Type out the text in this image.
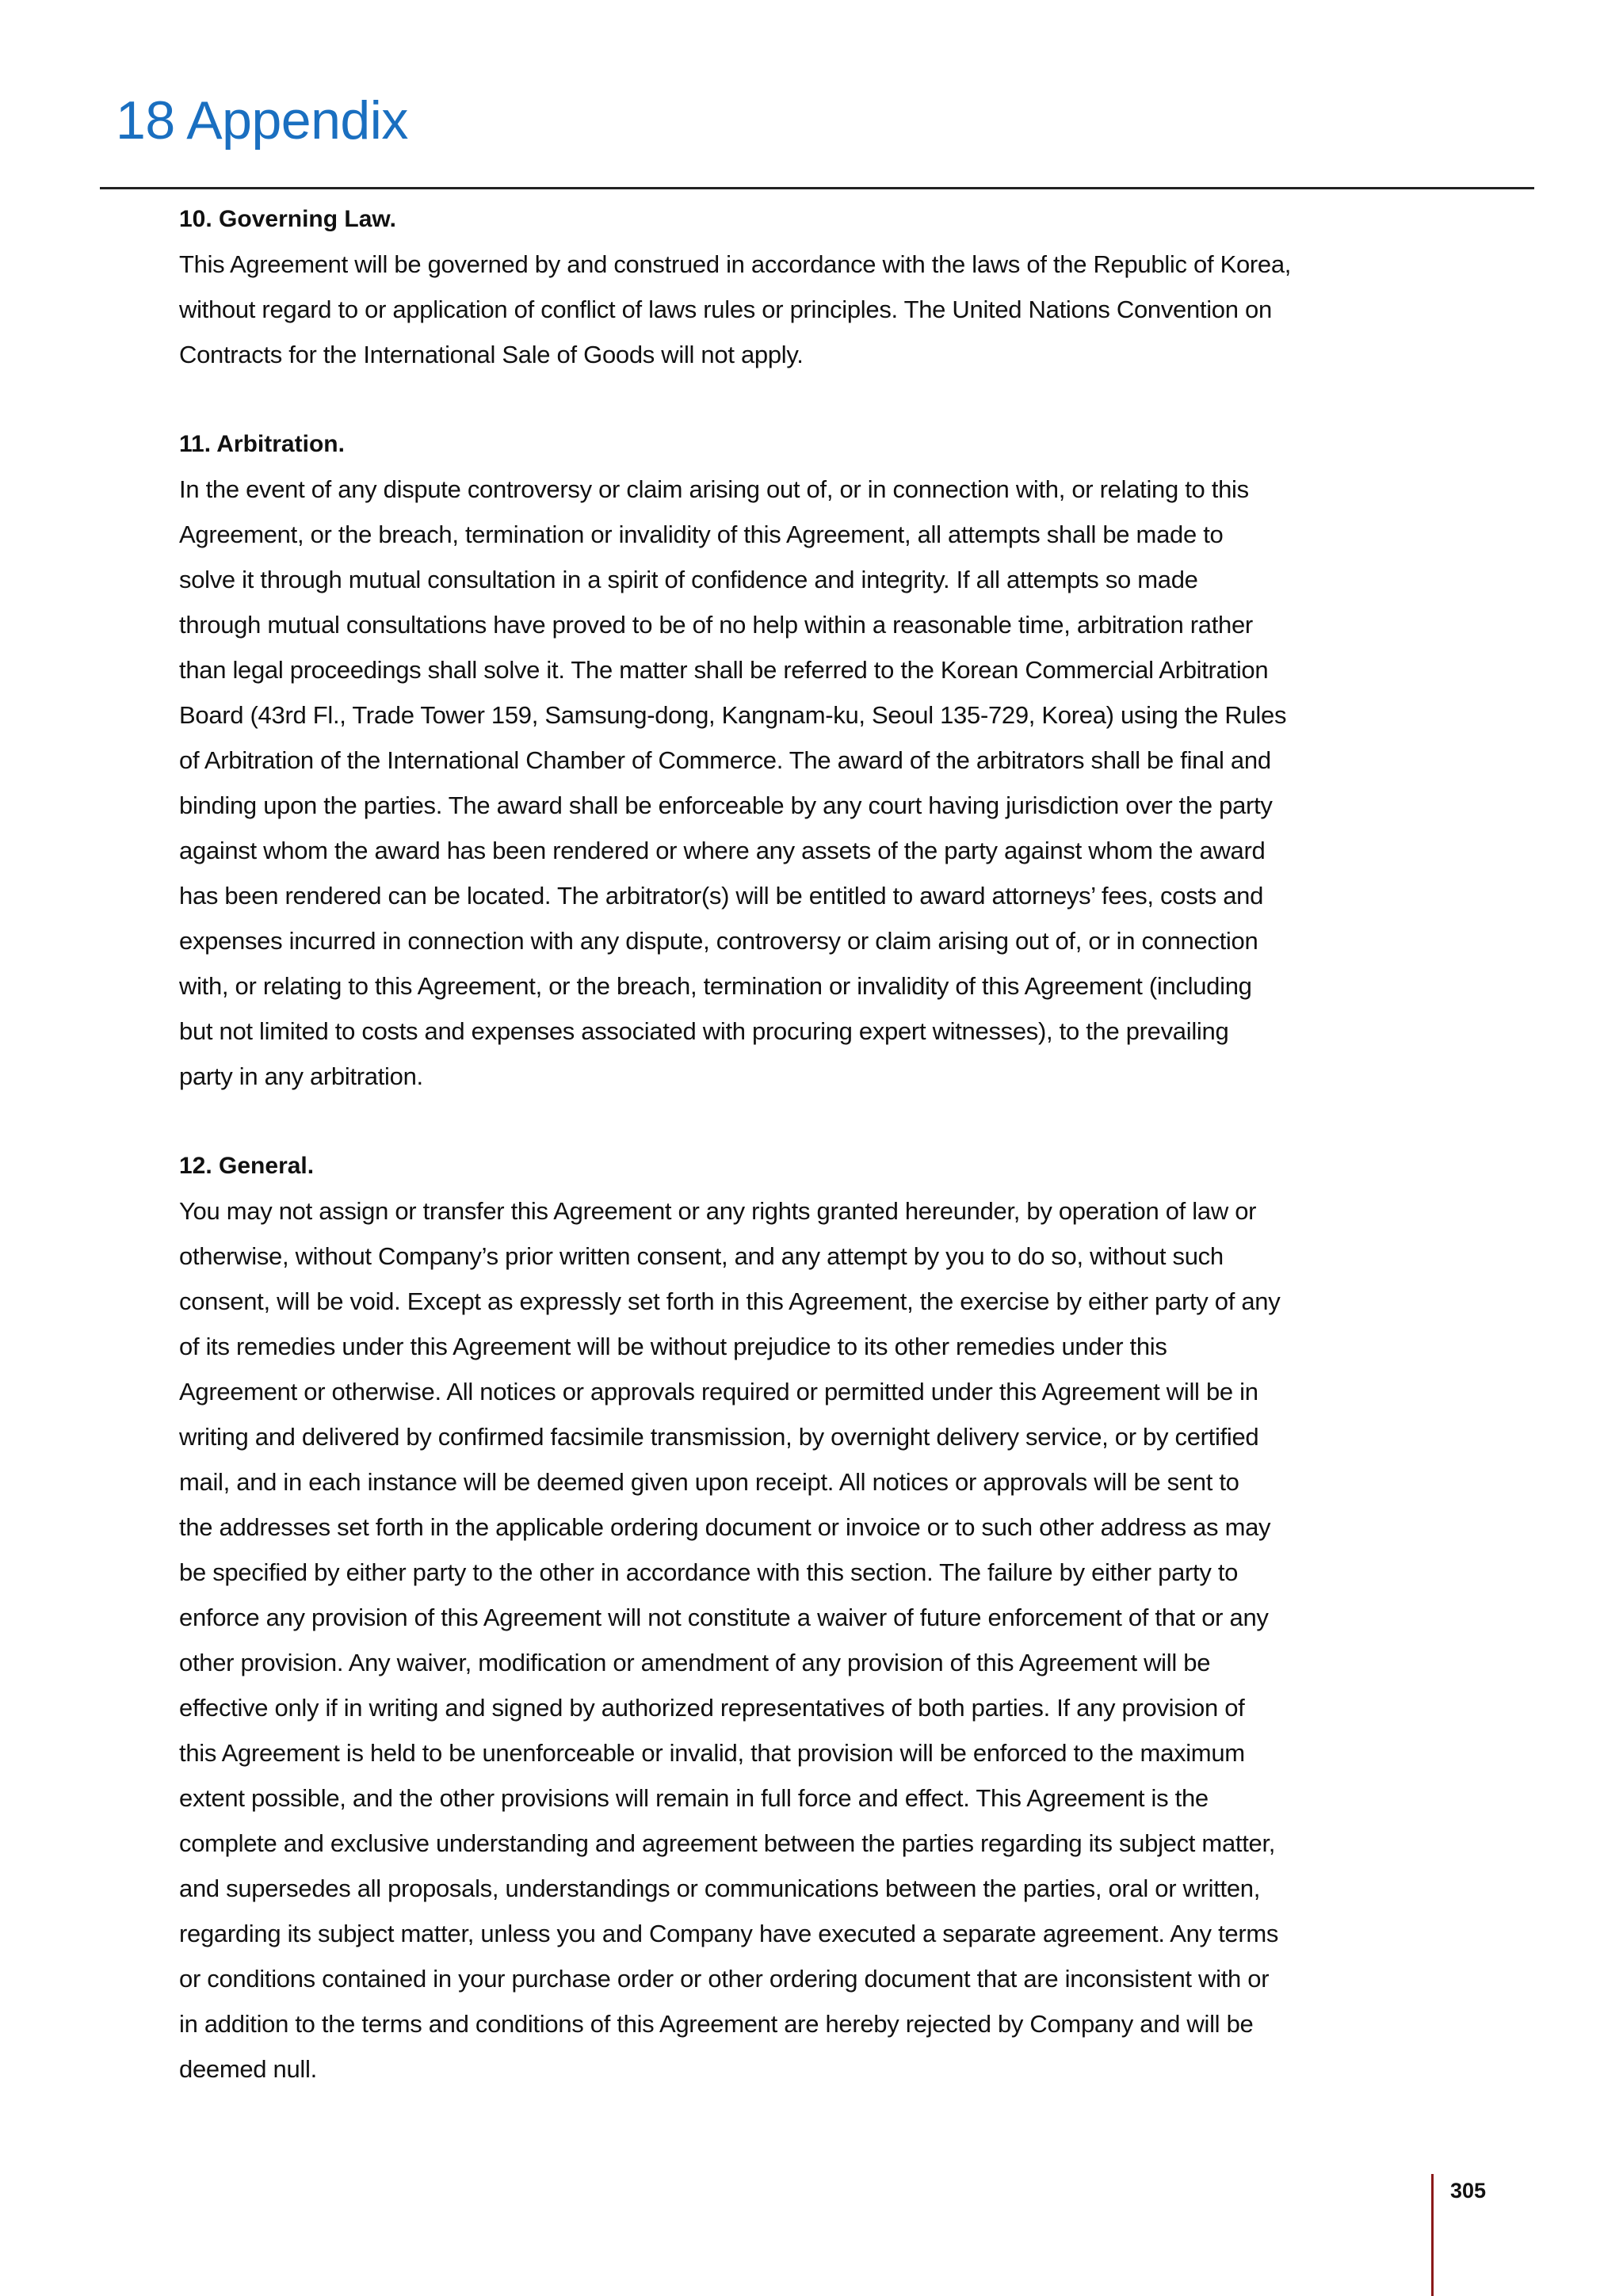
18 Appendix
10. Governing Law.

This Agreement will be governed by and construed in accordance with the laws of the Republic of Korea,
without regard to or application of conflict of laws rules or principles. The United Nations Convention on
Contracts for the International Sale of Goods will not apply.

11. Arbitration.

In the event of any dispute controversy or claim arising out of, or in connection with, or relating to this
Agreement, or the breach, termination or invalidity of this Agreement, all attempts shall be made to
solve it through mutual consultation in a spirit of confidence and integrity. If all attempts so made
through mutual consultations have proved to be of no help within a reasonable time, arbitration rather
than legal proceedings shall solve it. The matter shall be referred to the Korean Commercial Arbitration
Board (43rd Fl., Trade Tower 159, Samsung-dong, Kangnam-ku, Seoul 135-729, Korea) using the Rules
of Arbitration of the International Chamber of Commerce. The award of the arbitrators shall be final and
binding upon the parties. The award shall be enforceable by any court having jurisdiction over the party
against whom the award has been rendered or where any assets of the party against whom the award
has been rendered can be located. The arbitrator(s) will be entitled to award attorneys’ fees, costs and
expenses incurred in connection with any dispute, controversy or claim arising out of, or in connection
with, or relating to this Agreement, or the breach, termination or invalidity of this Agreement (including
but not limited to costs and expenses associated with procuring expert witnesses), to the prevailing
party in any arbitration.

12. General.

You may not assign or transfer this Agreement or any rights granted hereunder, by operation of law or
otherwise, without Company’s prior written consent, and any attempt by you to do so, without such
consent, will be void. Except as expressly set forth in this Agreement, the exercise by either party of any
of its remedies under this Agreement will be without prejudice to its other remedies under this
Agreement or otherwise. All notices or approvals required or permitted under this Agreement will be in
writing and delivered by confirmed facsimile transmission, by overnight delivery service, or by certified
mail, and in each instance will be deemed given upon receipt. All notices or approvals will be sent to
the addresses set forth in the applicable ordering document or invoice or to such other address as may
be specified by either party to the other in accordance with this section. The failure by either party to
enforce any provision of this Agreement will not constitute a waiver of future enforcement of that or any
other provision. Any waiver, modification or amendment of any provision of this Agreement will be
effective only if in writing and signed by authorized representatives of both parties. If any provision of
this Agreement is held to be unenforceable or invalid, that provision will be enforced to the maximum
extent possible, and the other provisions will remain in full force and effect. This Agreement is the
complete and exclusive understanding and agreement between the parties regarding its subject matter,
and supersedes all proposals, understandings or communications between the parties, oral or written,
regarding its subject matter, unless you and Company have executed a separate agreement. Any terms
or conditions contained in your purchase order or other ordering document that are inconsistent with or
in addition to the terms and conditions of this Agreement are hereby rejected by Company and will be
deemed null.

305
